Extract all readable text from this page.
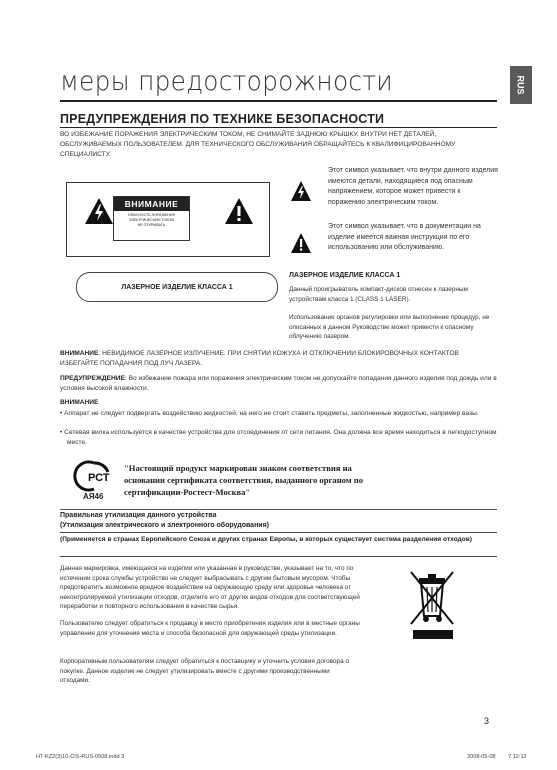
меры предосторожности	RUS
ПРЕДУПРЕЖДЕНИЯ ПО ТЕХНИКЕ БЕЗОПАСНОСТИ
ВО ИЗБЕЖАНИЕ ПОРАЖЕНИЯ ЭЛЕКТРИЧЕСКИМ ТОКОМ, НЕ СНИМАЙТЕ ЗАДНЮЮ КРЫШКУ. ВНУТРИ НЕТ ДЕТАЛЕЙ, ОБСЛУЖИВАЕМЫХ ПОЛЬЗОВАТЕЛЕМ. ДЛЯ ТЕХНИЧЕСКОГО ОБСЛУЖИВАНИЯ ОБРАЩАЙТЕСЬ К КВАЛИФИЦИРОВАННОМУ СПЕЦИАЛИСТУ.
ВНИМАНИЕ
ОПАСНОСТЬ ПОРАЖЕНИЯ
ЭЛЕКТРИЧЕСКИМ ТОКОМ
НЕ ОТКРЫВАТЬ
ЛАЗЕРНОЕ ИЗДЕЛИЕ КЛАССА 1
Этот символ указывает, что внутри данного изделия имеются детали, находящиеся под опасным напряжением, которое может привести к поражению электрическим током.
Этот символ указывает, что в документации на изделие имеется важная инструкция по его использованию или обслуживанию.
ЛАЗЕРНОЕ ИЗДЕЛИЕ КЛАССА 1
Данный проигрыватель компакт-дисков отнесен к лазерным устройствам класса 1 (CLASS 1 LASER).
Использование органов регулировки или выполнение процедур, не описанных в данном Руководстве может привести к опасному облучению лазером.
ВНИМАНИЕ: НЕВИДИМОЕ ЛАЗЕРНОЕ ИЗЛУЧЕНИЕ. ПРИ СНЯТИИ КОЖУХА И ОТКЛЮЧЕНИИ БЛОКИРОВОЧНЫХ КОНТАКТОВ ИЗБЕГАЙТЕ ПОПАДАНИЯ ПОД ЛУЧ ЛАЗЕРА.
ПРЕДУПРЕЖДЕНИЕ: Во избежание пожара или поражения электрическим током не допускайте попадания данного изделия под дождь или в условия высокой влажности.
ВНИМАНИЕ
• Аппарат не следует подвергать воздействию жидкостей, на него не стоит ставить предметы, заполненные жидкостью, например вазы.
• Сетевая вилка используется в качестве устройства для отсоединения от сети питания. Она должна все время находиться в легкодоступном месте.
РСТ
АЯ46
"Настоящий продукт маркирован знаком соответствия на основании сертификата соответствия, выданного органом по сертификации-Ростест-Москва"
Правильная утилизация данного устройства
(Утилизация электрического и электронного оборудования)
(Применяется в странах Европейского Союза и других странах Европы, в которых существует система разделения отходов)
Данная маркировка, имеющаяся на изделии или указанная в руководстве, указывает на то, что по истечении срока службы устройство не следует выбрасывать с другим бытовым мусором. Чтобы предотвратить возможное вредное воздействие на окружающую среду или здоровье человека от неконтролируемой утилизации отходов, отделите его от других видов отходов для соответствующей переработки и повторного использования в качестве сырья.
Пользователю следует обратиться к продавцу в место приобретения изделия или в местные органы управления для уточнения места и способа безопасной для окружающей среды утилизации.
Корпоративным пользователям следует обратиться к поставщику и уточнить условия договора о покупке. Данное изделие не следует утилизировать вместе с другими производственными отходами.
3
HT-KZ2(3)10-CIS-RUS-0508.indd 3	2008-05-08 7:12:12
